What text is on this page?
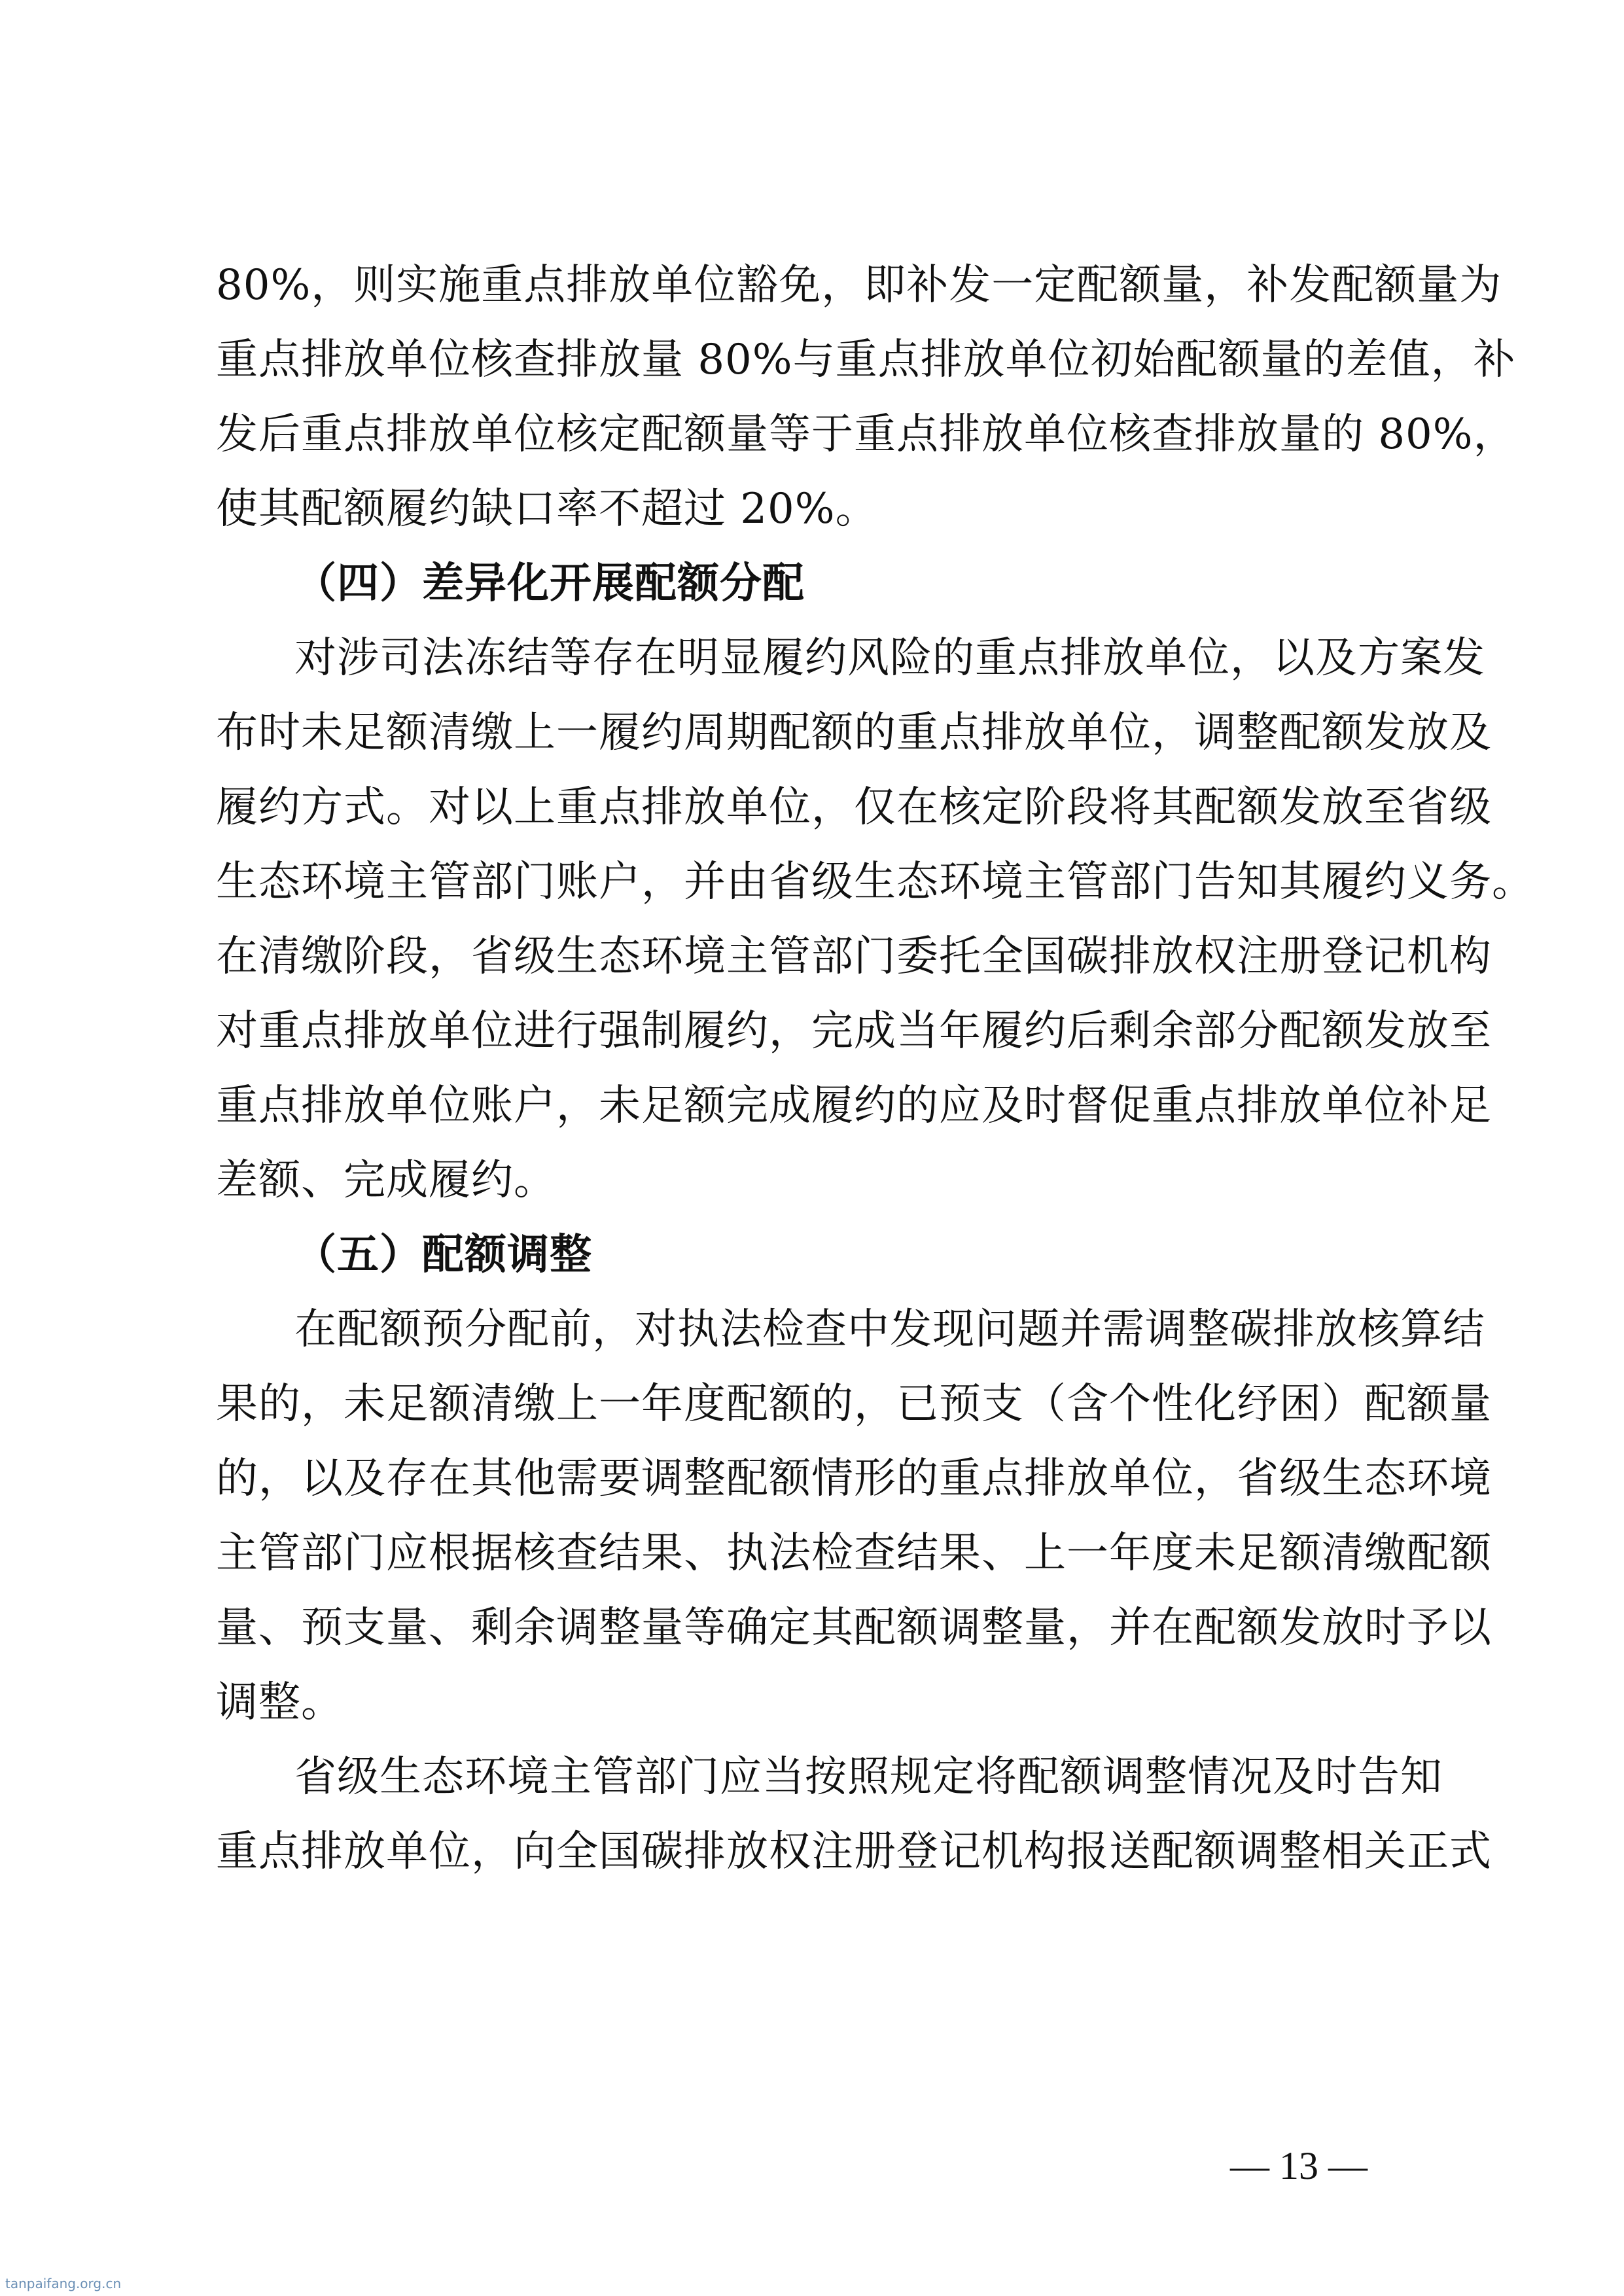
80%，则实施重点排放单位豁免，即补发一定配额量，补发配额量为
重点排放单位核查排放量 80%与重点排放单位初始配额量的差值，补
发后重点排放单位核定配额量等于重点排放单位核查排放量的 80%，
使其配额履约缺口率不超过 20%。
（四）差异化开展配额分配
对涉司法冻结等存在明显履约风险的重点排放单位，以及方案发
布时未足额清缴上一履约周期配额的重点排放单位，调整配额发放及
履约方式。对以上重点排放单位，仅在核定阶段将其配额发放至省级
生态环境主管部门账户，并由省级生态环境主管部门告知其履约义务。
在清缴阶段，省级生态环境主管部门委托全国碳排放权注册登记机构
对重点排放单位进行强制履约，完成当年履约后剩余部分配额发放至
重点排放单位账户，未足额完成履约的应及时督促重点排放单位补足
差额、完成履约。
（五）配额调整
在配额预分配前，对执法检查中发现问题并需调整碳排放核算结
果的，未足额清缴上一年度配额的，已预支（含个性化纾困）配额量
的，以及存在其他需要调整配额情形的重点排放单位，省级生态环境
主管部门应根据核查结果、执法检查结果、上一年度未足额清缴配额
量、预支量、剩余调整量等确定其配额调整量，并在配额发放时予以
调整。
省级生态环境主管部门应当按照规定将配额调整情况及时告知
重点排放单位，向全国碳排放权注册登记机构报送配额调整相关正式
— 13 —
tanpaifang.org.cn
